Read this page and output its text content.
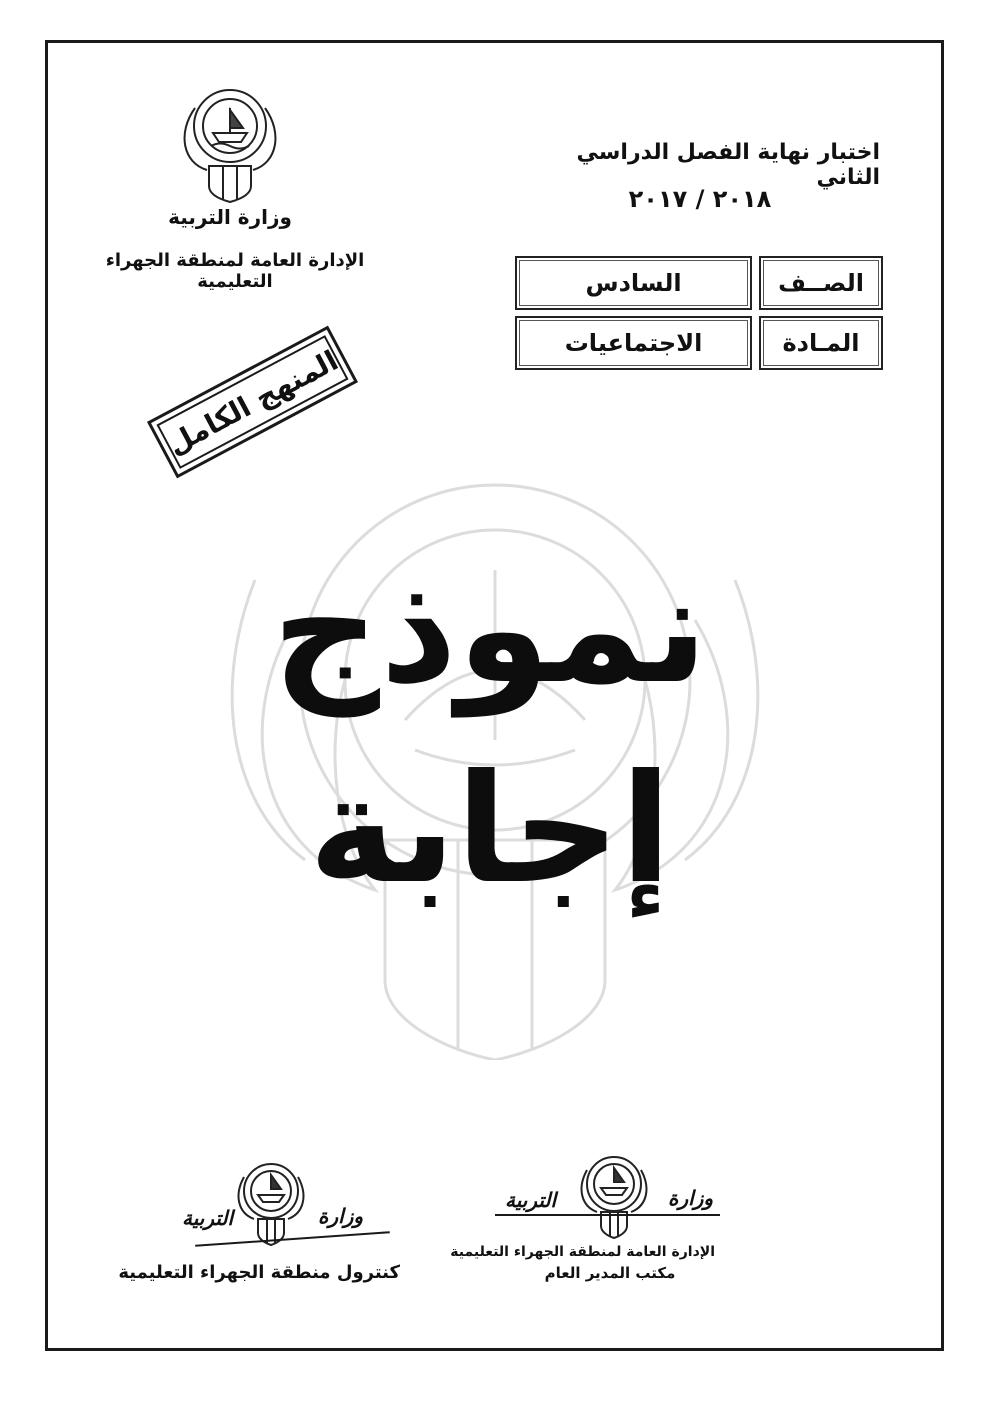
وزارة التربية
الإدارة العامة لمنطقة الجهراء التعليمية
اختبار نهاية الفصل الدراسي الثاني
٢٠١٨ / ٢٠١٧
الصــف
السادس
المـادة
الاجتماعيات
المنهج الكامل
نموذج
إجابة
وزارة
التربية
كنترول منطقة الجهراء التعليمية
وزارة
التربية
الإدارة العامة لمنطقة الجهراء التعليمية
مكتب المدير العام
